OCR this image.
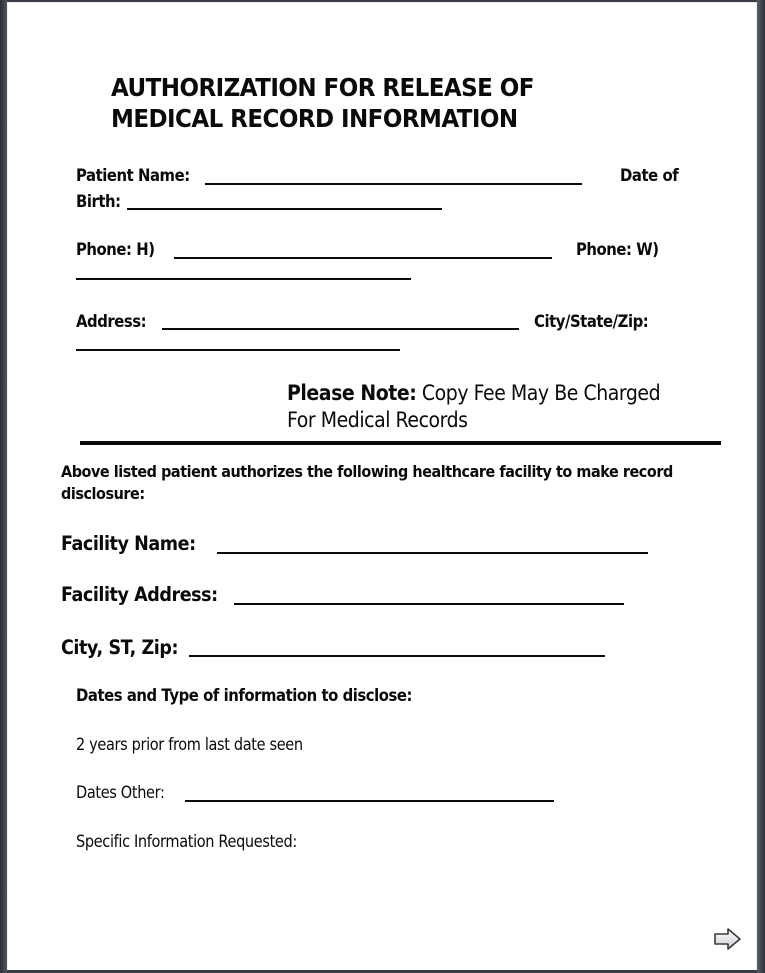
AUTHORIZATION FOR RELEASE OF
MEDICAL RECORD INFORMATION
Patient Name:	Date of
Birth:
Phone: H)	Phone: W)
Address:	City/State/Zip:
Please Note: Copy Fee May Be Charged
For Medical Records
Above listed patient authorizes the following healthcare facility to make record
disclosure:
Facility Name:
Facility Address:
City, ST, Zip:
Dates and Type of information to disclose:
2 years prior from last date seen
Dates Other:
Specific Information Requested:
